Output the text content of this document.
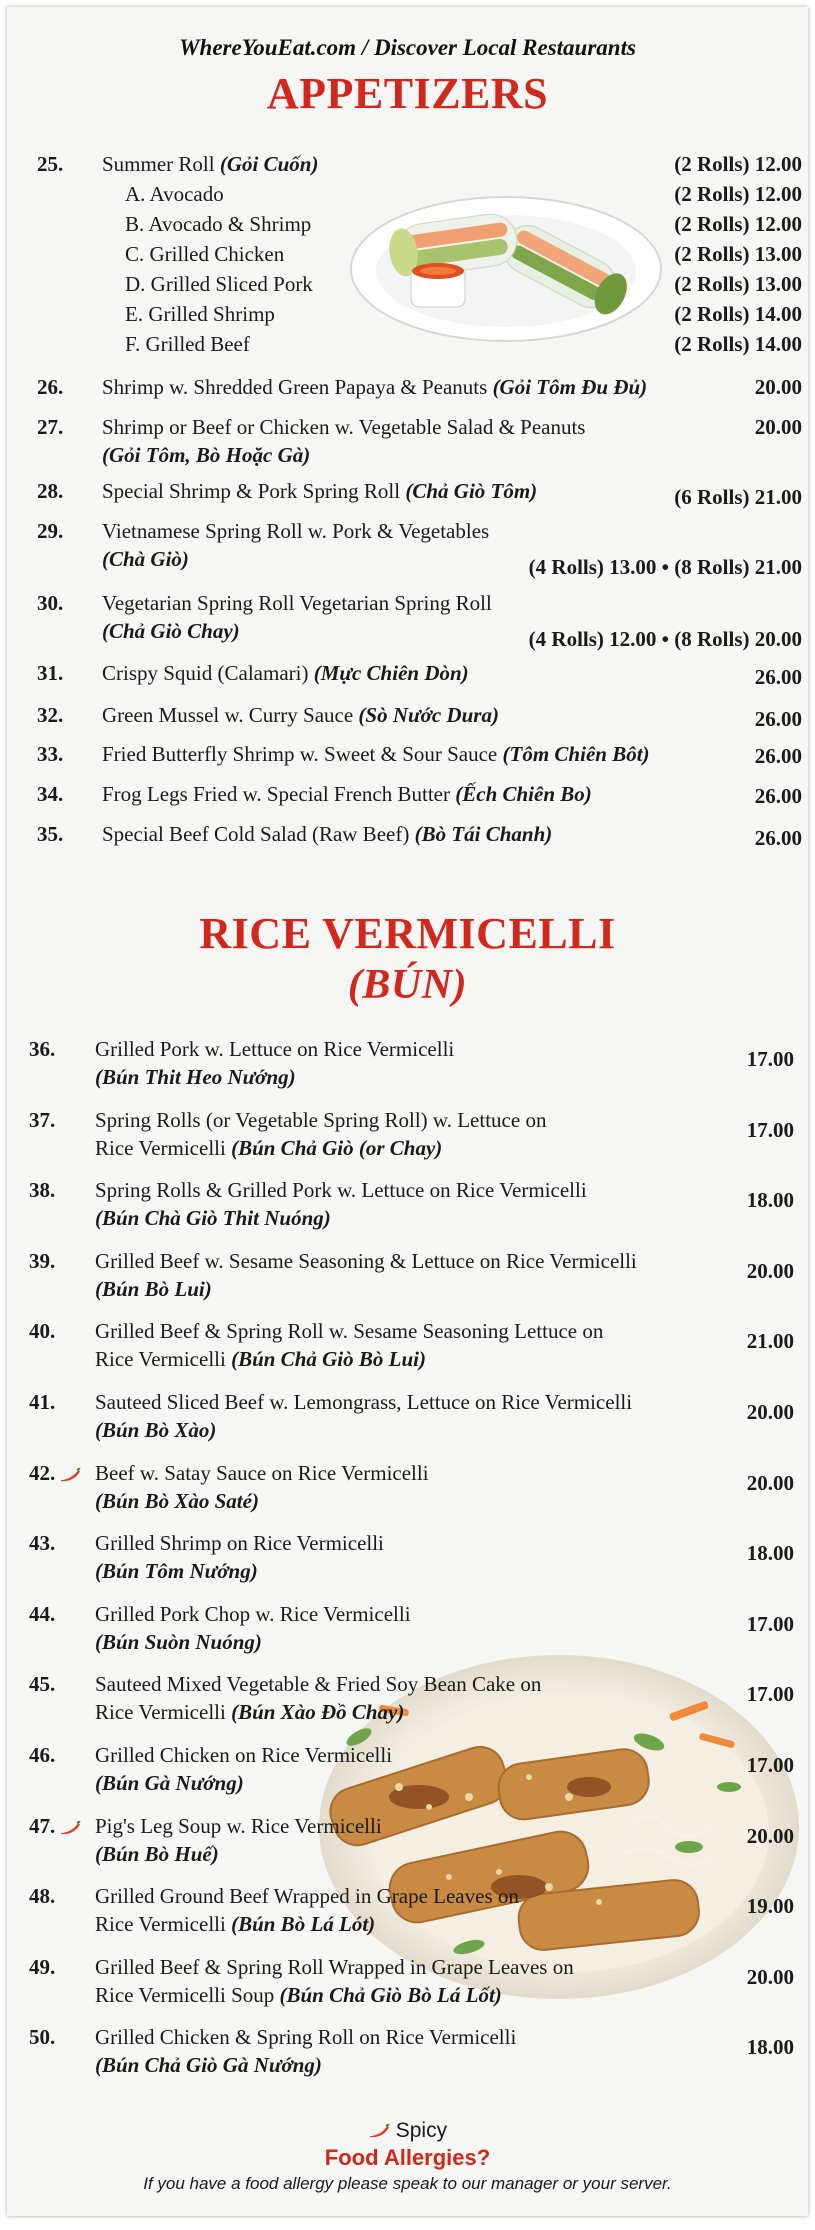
WhereYouEat.com / Discover Local Restaurants
APPETIZERS
25. Summer Roll (Gỏi Cuốn)	(2 Rolls) 12.00
A. Avocado	(2 Rolls) 12.00
B. Avocado & Shrimp	(2 Rolls) 12.00
C. Grilled Chicken	(2 Rolls) 13.00
D. Grilled Sliced Pork	(2 Rolls) 13.00
E. Grilled Shrimp	(2 Rolls) 14.00
F. Grilled Beef	(2 Rolls) 14.00
26. Shrimp w. Shredded Green Papaya & Peanuts (Gỏi Tôm Đu Đủ)	20.00
27. Shrimp or Beef or Chicken w. Vegetable Salad & Peanuts	20.00
(Gỏi Tôm, Bò Hoặc Gà)
28. Special Shrimp & Pork Spring Roll (Chả Giò Tôm)	(6 Rolls) 21.00
29. Vietnamese Spring Roll w. Pork & Vegetables
(Chà Giò)	(4 Rolls) 13.00 • (8 Rolls) 21.00
30. Vegetarian Spring Roll Vegetarian Spring Roll
(Chả Giò Chay)	(4 Rolls) 12.00 • (8 Rolls) 20.00
31. Crispy Squid (Calamari) (Mực Chiên Dòn)	26.00
32. Green Mussel w. Curry Sauce (Sò Nước Dura)	26.00
33. Fried Butterfly Shrimp w. Sweet & Sour Sauce (Tôm Chiên Bôt)	26.00
34. Frog Legs Fried w. Special French Butter (Ếch Chiên Bo)	26.00
35. Special Beef Cold Salad (Raw Beef) (Bò Tái Chanh)	26.00
RICE VERMICELLI
(BÚN)
36. Grilled Pork w. Lettuce on Rice Vermicelli
(Bún Thit Heo Nướng)
17.00
37. Spring Rolls (or Vegetable Spring Roll) w. Lettuce on
Rice Vermicelli (Bún Chả Giò (or Chay)
17.00
38. Spring Rolls & Grilled Pork w. Lettuce on Rice Vermicelli
(Bún Chà Giò Thit Nuóng)
18.00
39. Grilled Beef w. Sesame Seasoning & Lettuce on Rice Vermicelli
(Bún Bò Lui)
20.00
40. Grilled Beef & Spring Roll w. Sesame Seasoning Lettuce on
Rice Vermicelli (Bún Chả Giò Bò Lui)
21.00
41. Sauteed Sliced Beef w. Lemongrass, Lettuce on Rice Vermicelli
(Bún Bò Xào)
20.00
42. Beef w. Satay Sauce on Rice Vermicelli
(Bún Bò Xào Saté)
20.00
43. Grilled Shrimp on Rice Vermicelli
(Bún Tôm Nướng)
18.00
44. Grilled Pork Chop w. Rice Vermicelli
(Bún Suòn Nuóng)
17.00
45. Sauteed Mixed Vegetable & Fried Soy Bean Cake on
Rice Vermicelli (Bún Xào Đồ Chay)
17.00
46. Grilled Chicken on Rice Vermicelli
(Bún Gà Nướng)
17.00
47. Pig's Leg Soup w. Rice Vermicelli
(Bún Bò Huế)
20.00
48. Grilled Ground Beef Wrapped in Grape Leaves on
Rice Vermicelli (Bún Bò Lá Lót)
19.00
49. Grilled Beef & Spring Roll Wrapped in Grape Leaves on
Rice Vermicelli Soup (Bún Chả Giò Bò Lá Lốt)
20.00
50. Grilled Chicken & Spring Roll on Rice Vermicelli
(Bún Chả Giò Gà Nướng)
18.00
Spicy
Food Allergies?
If you have a food allergy please speak to our manager or your server.
